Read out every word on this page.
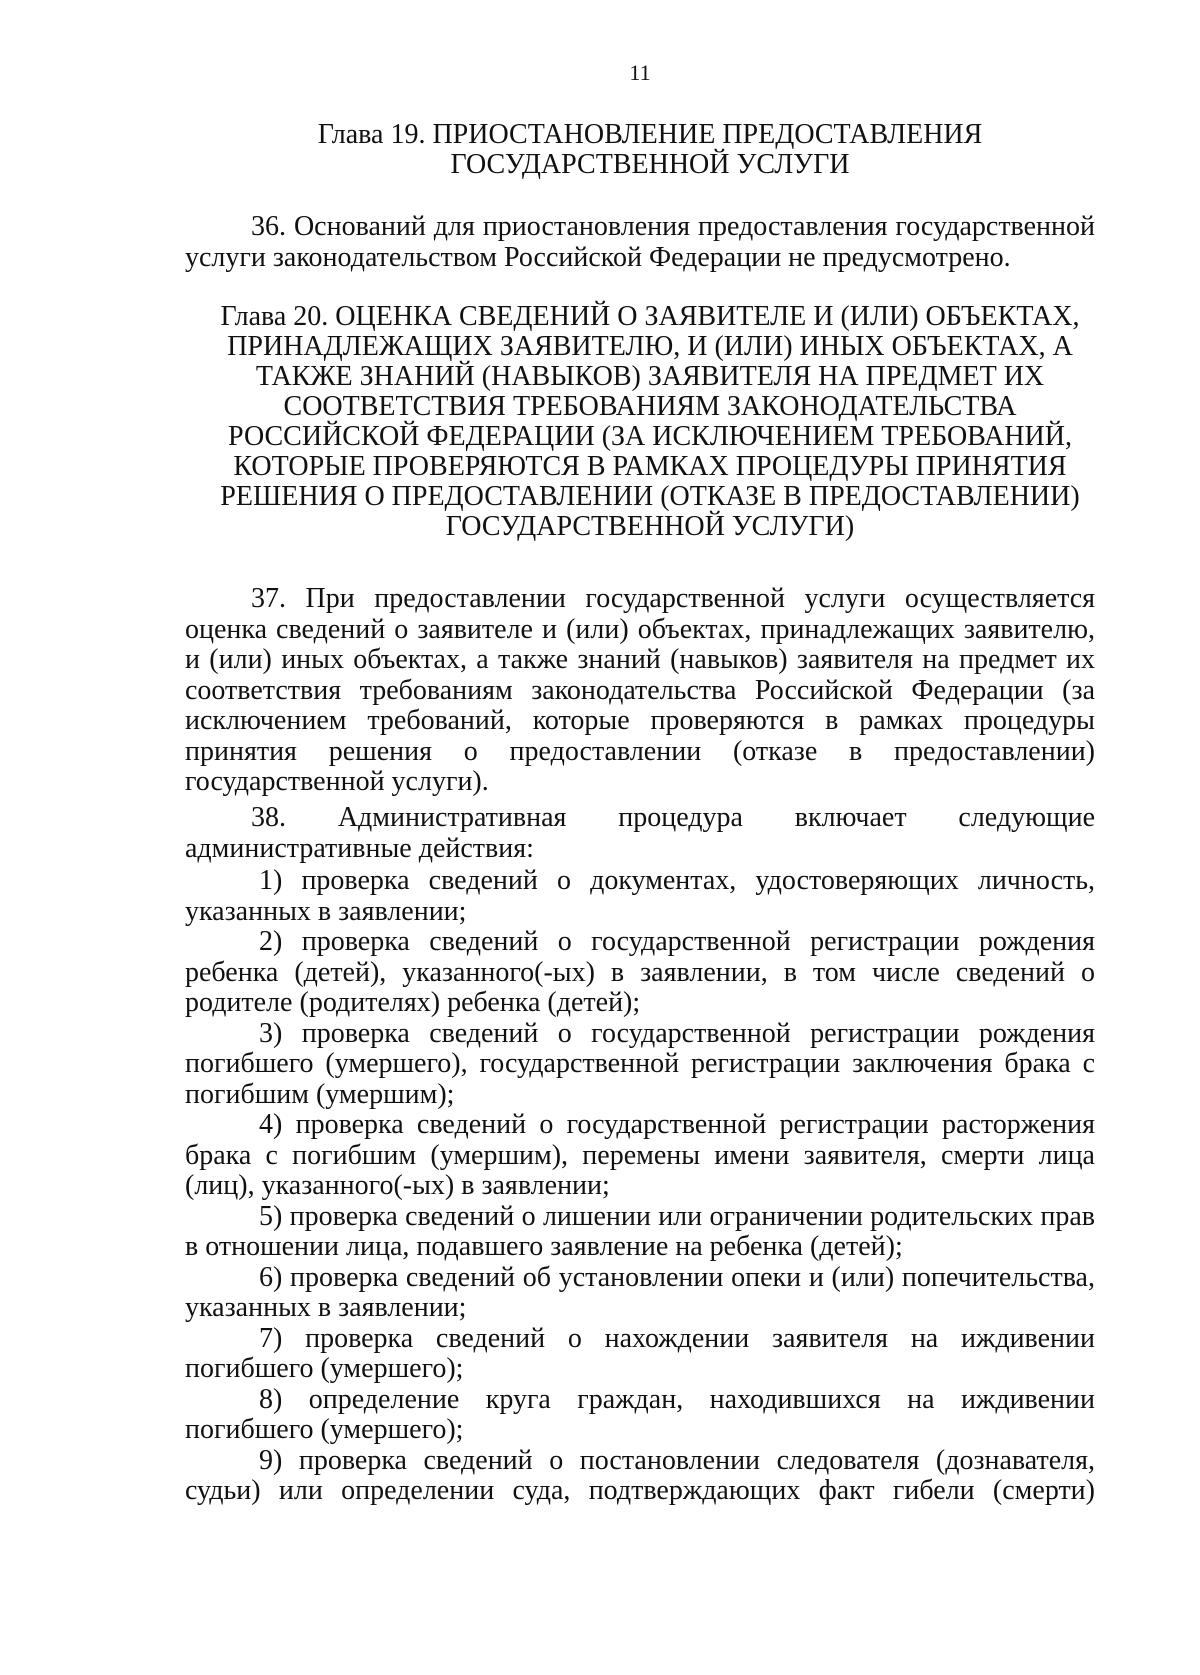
11
Глава 19. ПРИОСТАНОВЛЕНИЕ ПРЕДОСТАВЛЕНИЯ
ГОСУДАРСТВЕННОЙ УСЛУГИ

36. Оснований для приостановления предоставления государственной услуги законодательством Российской Федерации не предусмотрено.

Глава 20. ОЦЕНКА СВЕДЕНИЙ О ЗАЯВИТЕЛЕ И (ИЛИ) ОБЪЕКТАХ,
ПРИНАДЛЕЖАЩИХ ЗАЯВИТЕЛЮ, И (ИЛИ) ИНЫХ ОБЪЕКТАХ, А
ТАКЖЕ ЗНАНИЙ (НАВЫКОВ) ЗАЯВИТЕЛЯ НА ПРЕДМЕТ ИХ
СООТВЕТСТВИЯ ТРЕБОВАНИЯМ ЗАКОНОДАТЕЛЬСТВА
РОССИЙСКОЙ ФЕДЕРАЦИИ (ЗА ИСКЛЮЧЕНИЕМ ТРЕБОВАНИЙ,
КОТОРЫЕ ПРОВЕРЯЮТСЯ В РАМКАХ ПРОЦЕДУРЫ ПРИНЯТИЯ
РЕШЕНИЯ О ПРЕДОСТАВЛЕНИИ (ОТКАЗЕ В ПРЕДОСТАВЛЕНИИ)
ГОСУДАРСТВЕННОЙ УСЛУГИ)

37. При предоставлении государственной услуги осуществляется оценка сведений о заявителе и (или) объектах, принадлежащих заявителю, и (или) иных объектах, а также знаний (навыков) заявителя на предмет их соответствия требованиям законодательства Российской Федерации (за исключением требований, которые проверяются в рамках процедуры принятия решения о предоставлении (отказе в предоставлении) государственной услуги).

38. Административная процедура включает следующие административные действия:

1) проверка сведений о документах, удостоверяющих личность, указанных в заявлении;
2) проверка сведений о государственной регистрации рождения ребенка (детей), указанного(-ых) в заявлении, в том числе сведений о родителе (родителях) ребенка (детей);
3) проверка сведений о государственной регистрации рождения погибшего (умершего), государственной регистрации заключения брака с погибшим (умершим);
4) проверка сведений о государственной регистрации расторжения брака с погибшим (умершим), перемены имени заявителя, смерти лица (лиц), указанного(-ых) в заявлении;
5) проверка сведений о лишении или ограничении родительских прав в отношении лица, подавшего заявление на ребенка (детей);
6) проверка сведений об установлении опеки и (или) попечительства, указанных в заявлении;
7) проверка сведений о нахождении заявителя на иждивении погибшего (умершего);
8) определение круга граждан, находившихся на иждивении погибшего (умершего);
9) проверка сведений о постановлении следователя (дознавателя, судьи) или определении суда, подтверждающих факт гибели (смерти)
